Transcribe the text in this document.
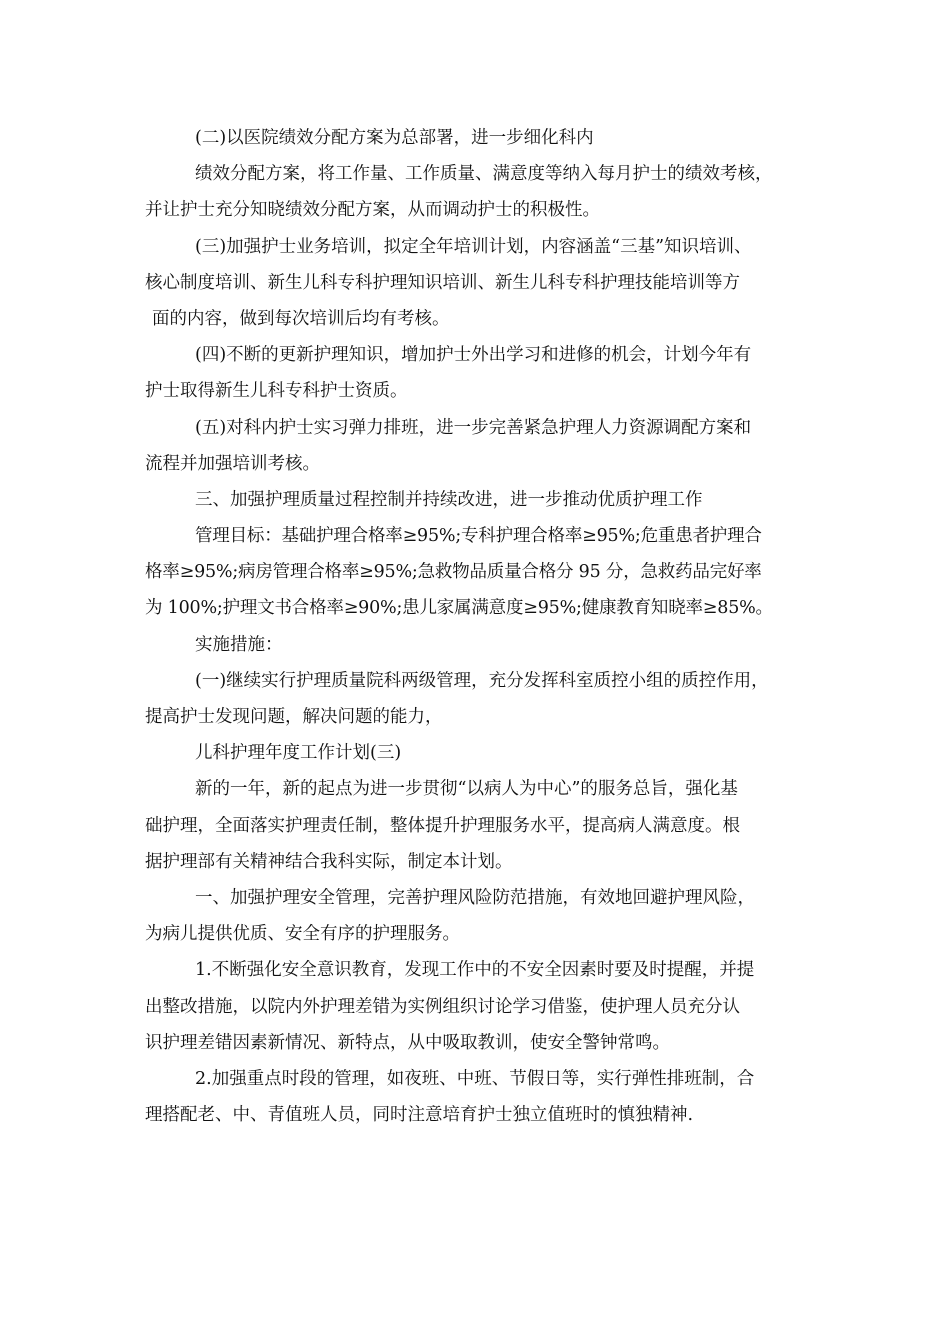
(二)以医院绩效分配方案为总部署，进一步细化科内
绩效分配方案，将工作量、工作质量、满意度等纳入每月护士的绩效考核，
并让护士充分知晓绩效分配方案，从而调动护士的积极性。
(三)加强护士业务培训，拟定全年培训计划，内容涵盖“三基”知识培训、
核心制度培训、新生儿科专科护理知识培训、新生儿科专科护理技能培训等方
面的内容，做到每次培训后均有考核。
(四)不断的更新护理知识，增加护士外出学习和进修的机会，计划今年有
护士取得新生儿科专科护士资质。
(五)对科内护士实习弹力排班，进一步完善紧急护理人力资源调配方案和
流程并加强培训考核。
三、加强护理质量过程控制并持续改进，进一步推动优质护理工作
管理目标：基础护理合格率≥95%;专科护理合格率≥95%;危重患者护理合
格率≥95%;病房管理合格率≥95%;急救物品质量合格分 95 分，急救药品完好率
为 100%;护理文书合格率≥90%;患儿家属满意度≥95%;健康教育知晓率≥85%。
实施措施：
(一)继续实行护理质量院科两级管理，充分发挥科室质控小组的质控作用，
提高护士发现问题，解决问题的能力，
儿科护理年度工作计划(三)
新的一年，新的起点为进一步贯彻“以病人为中心”的服务总旨，强化基
础护理，全面落实护理责任制，整体提升护理服务水平，提高病人满意度。根
据护理部有关精神结合我科实际，制定本计划。
一、加强护理安全管理，完善护理风险防范措施，有效地回避护理风险，
为病儿提供优质、安全有序的护理服务。
1.不断强化安全意识教育，发现工作中的不安全因素时要及时提醒，并提
出整改措施，以院内外护理差错为实例组织讨论学习借鉴，使护理人员充分认
识护理差错因素新情况、新特点，从中吸取教训，使安全警钟常鸣。
2.加强重点时段的管理，如夜班、中班、节假日等，实行弹性排班制，合
理搭配老、中、青值班人员，同时注意培育护士独立值班时的慎独精神.
